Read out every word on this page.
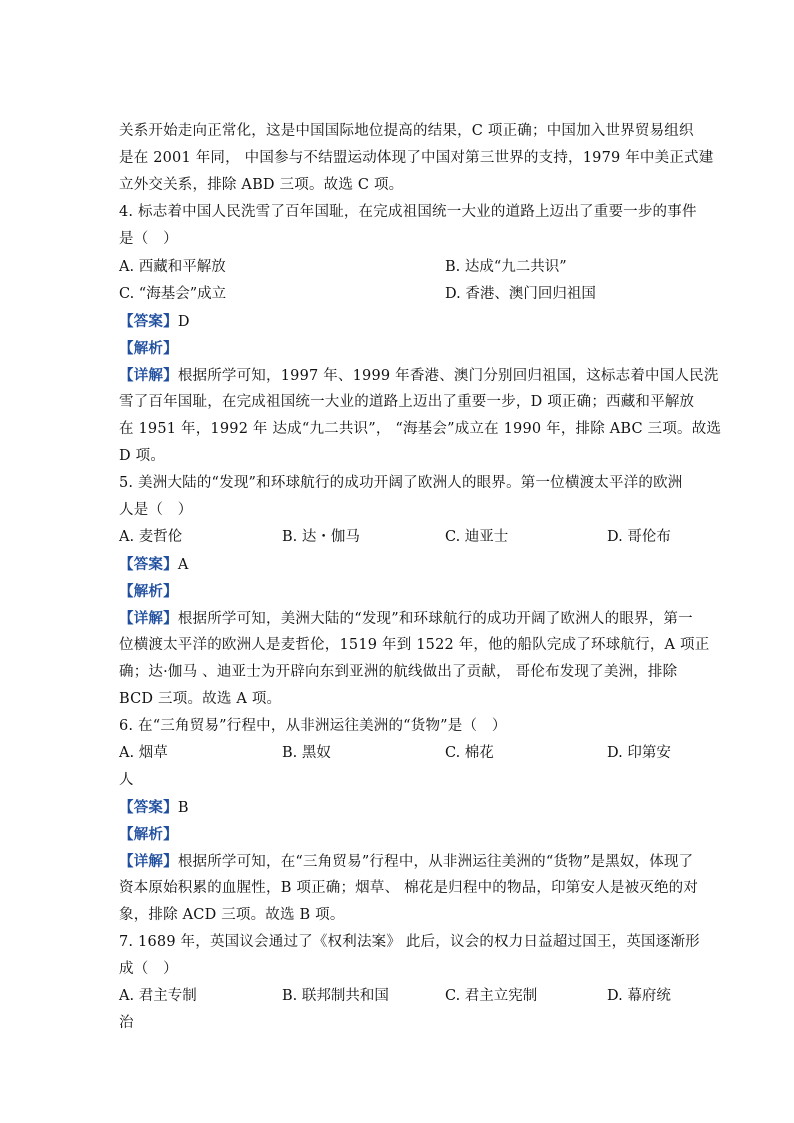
关系开始走向正常化，这是中国国际地位提高的结果，C 项正确；中国加入世界贸易组织
是在 2001 年同， 中国参与不结盟运动体现了中国对第三世界的支持，1979 年中美正式建
立外交关系，排除 ABD 三项。故选 C 项。
4. 标志着中国人民洗雪了百年国耻，在完成祖国统一大业的道路上迈出了重要一步的事件
是（　）
A. 西藏和平解放	B. 达成“九二共识”
C. “海基会”成立	D. 香港、澳门回归祖国
【答案】D
【解析】
【详解】根据所学可知，1997 年、1999 年香港、澳门分别回归祖国，这标志着中国人民洗
雪了百年国耻，在完成祖国统一大业的道路上迈出了重要一步，D 项正确；西藏和平解放
在 1951 年，1992 年 达成“九二共识”， “海基会”成立在 1990 年，排除 ABC 三项。故选
D 项。
5. 美洲大陆的“发现”和环球航行的成功开阔了欧洲人的眼界。第一位横渡太平洋的欧洲
人是（　）
A. 麦哲伦	B. 达・伽马	C. 迪亚士	D. 哥伦布
【答案】A
【解析】
【详解】根据所学可知，美洲大陆的“发现”和环球航行的成功开阔了欧洲人的眼界，第一
位横渡太平洋的欧洲人是麦哲伦，1519 年到 1522 年，他的船队完成了环球航行，A 项正
确；达·伽马 、迪亚士为开辟向东到亚洲的航线做出了贡献， 哥伦布发现了美洲，排除
BCD 三项。故选 A 项。
6. 在“三角贸易”行程中，从非洲运往美洲的“货物”是（　）
A. 烟草	B. 黑奴	C. 棉花	D. 印第安
人
【答案】B
【解析】
【详解】根据所学可知，在“三角贸易”行程中，从非洲运往美洲的“货物”是黑奴，体现了
资本原始积累的血腥性，B 项正确；烟草、 棉花是归程中的物品，印第安人是被灭绝的对
象，排除 ACD 三项。故选 B 项。
7. 1689 年，英国议会通过了《权利法案》 此后，议会的权力日益超过国王，英国逐渐形
成（　）
A. 君主专制	B. 联邦制共和国	C. 君主立宪制	D. 幕府统
治
